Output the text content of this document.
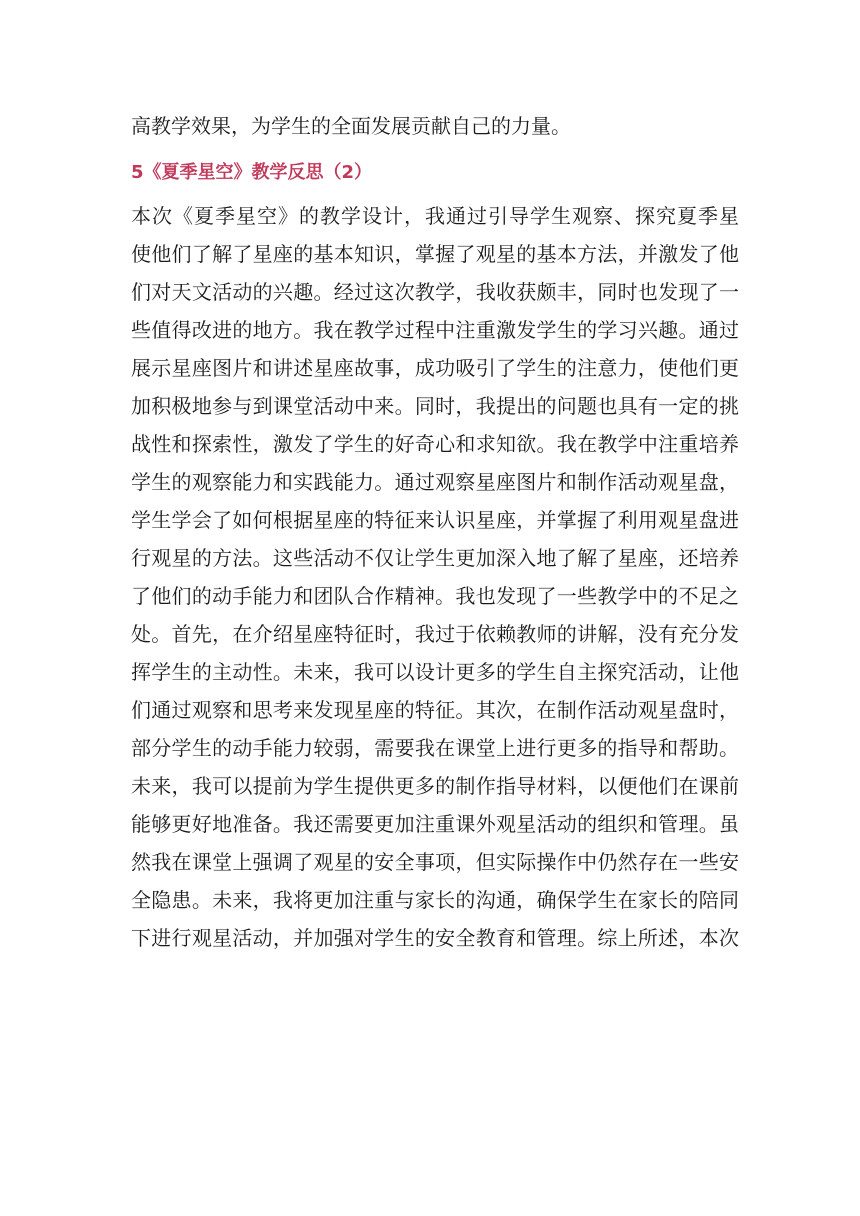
高教学效果，为学生的全面发展贡献自己的力量。
5《夏季星空》教学反思（2）
本次《夏季星空》的教学设计，我通过引导学生观察、探究夏季星
使他们了解了星座的基本知识，掌握了观星的基本方法，并激发了他
们对天文活动的兴趣。经过这次教学，我收获颇丰，同时也发现了一
些值得改进的地方。我在教学过程中注重激发学生的学习兴趣。通过
展示星座图片和讲述星座故事，成功吸引了学生的注意力，使他们更
加积极地参与到课堂活动中来。同时，我提出的问题也具有一定的挑
战性和探索性，激发了学生的好奇心和求知欲。我在教学中注重培养
学生的观察能力和实践能力。通过观察星座图片和制作活动观星盘，
学生学会了如何根据星座的特征来认识星座，并掌握了利用观星盘进
行观星的方法。这些活动不仅让学生更加深入地了解了星座，还培养
了他们的动手能力和团队合作精神。我也发现了一些教学中的不足之
处。首先，在介绍星座特征时，我过于依赖教师的讲解，没有充分发
挥学生的主动性。未来，我可以设计更多的学生自主探究活动，让他
们通过观察和思考来发现星座的特征。其次，在制作活动观星盘时，
部分学生的动手能力较弱，需要我在课堂上进行更多的指导和帮助。
未来，我可以提前为学生提供更多的制作指导材料，以便他们在课前
能够更好地准备。我还需要更加注重课外观星活动的组织和管理。虽
然我在课堂上强调了观星的安全事项，但实际操作中仍然存在一些安
全隐患。未来，我将更加注重与家长的沟通，确保学生在家长的陪同
下进行观星活动，并加强对学生的安全教育和管理。综上所述，本次
